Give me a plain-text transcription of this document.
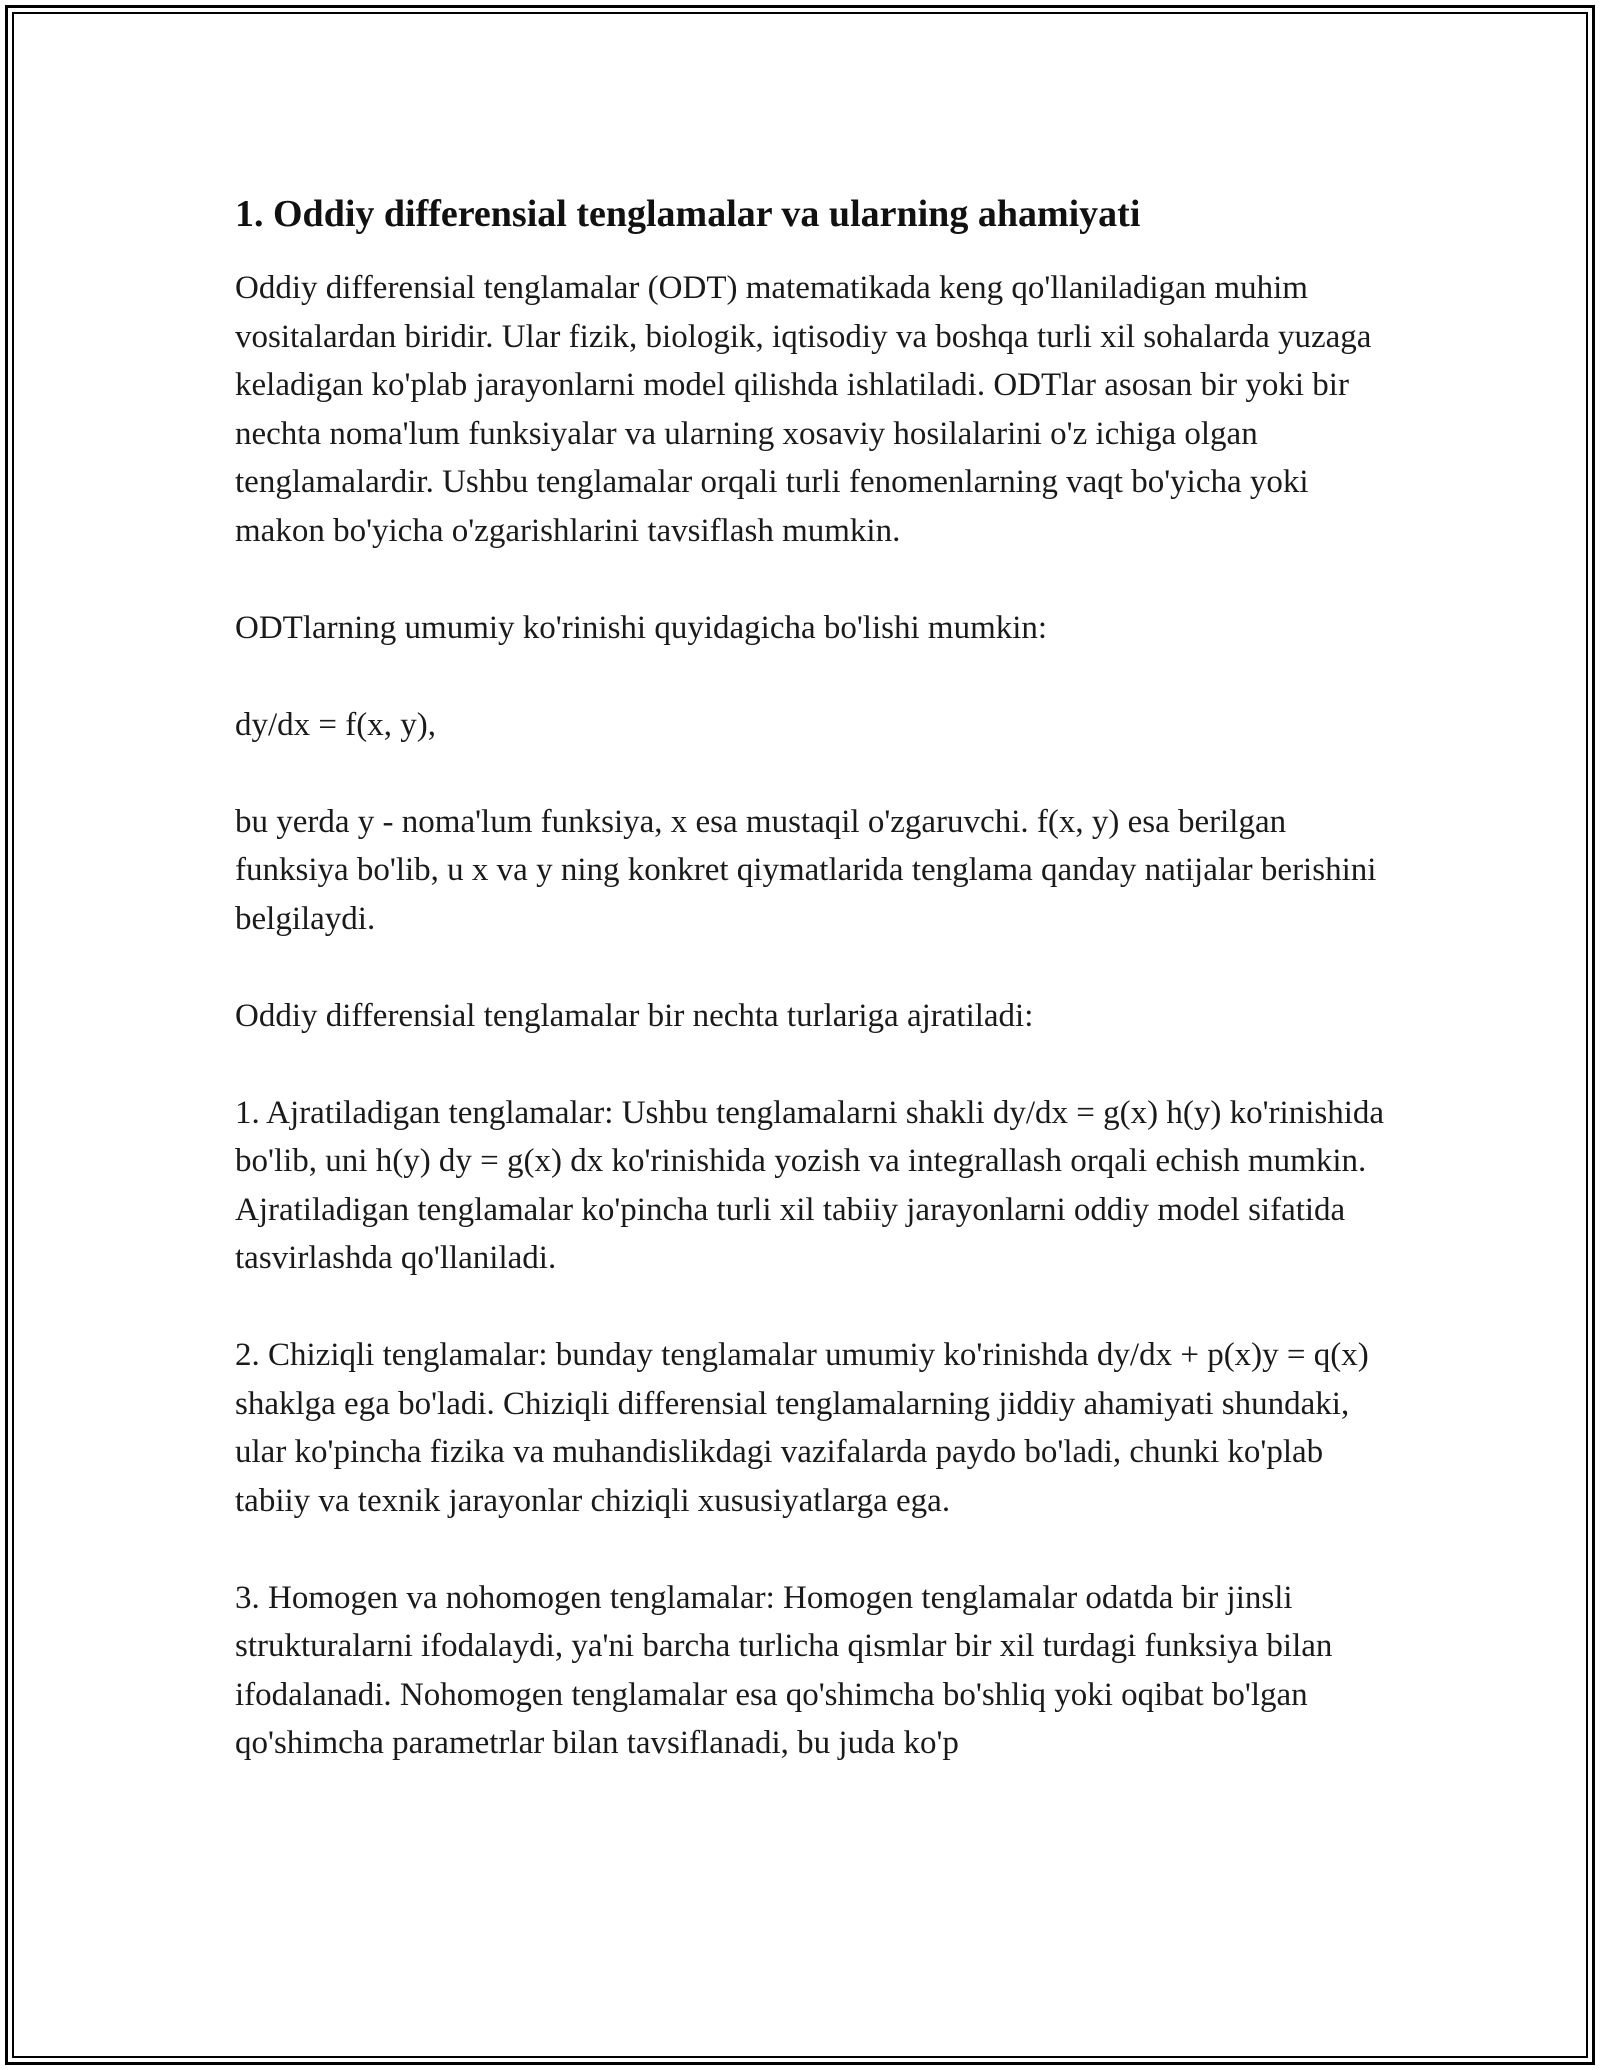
1. Oddiy differensial tenglamalar va ularning ahamiyati

Oddiy differensial tenglamalar (ODT) matematikada keng qo'llaniladigan muhim vositalardan biridir. Ular fizik, biologik, iqtisodiy va boshqa turli xil sohalarda yuzaga keladigan ko'plab jarayonlarni model qilishda ishlatiladi. ODTlar asosan bir yoki bir nechta noma'lum funksiyalar va ularning xosaviy hosilalarini o'z ichiga olgan tenglamalardir. Ushbu tenglamalar orqali turli fenomenlarning vaqt bo'yicha yoki makon bo'yicha o'zgarishlarini tavsiflash mumkin.

ODTlarning umumiy ko'rinishi quyidagicha bo'lishi mumkin:

dy/dx = f(x, y),

bu yerda y - noma'lum funksiya, x esa mustaqil o'zgaruvchi. f(x, y) esa berilgan funksiya bo'lib, u x va y ning konkret qiymatlarida tenglama qanday natijalar berishini belgilaydi.

Oddiy differensial tenglamalar bir nechta turlariga ajratiladi:

1. Ajratiladigan tenglamalar: Ushbu tenglamalarni shakli dy/dx = g(x) h(y) ko'rinishida bo'lib, uni h(y) dy = g(x) dx ko'rinishida yozish va integrallash orqali echish mumkin. Ajratiladigan tenglamalar ko'pincha turli xil tabiiy jarayonlarni oddiy model sifatida tasvirlashda qo'llaniladi.

2. Chiziqli tenglamalar: bunday tenglamalar umumiy ko'rinishda dy/dx + p(x)y = q(x) shaklga ega bo'ladi. Chiziqli differensial tenglamalarning jiddiy ahamiyati shundaki, ular ko'pincha fizika va muhandislikdagi vazifalarda paydo bo'ladi, chunki ko'plab tabiiy va texnik jarayonlar chiziqli xususiyatlarga ega.

3. Homogen va nohomogen tenglamalar: Homogen tenglamalar odatda bir jinsli strukturalarni ifodalaydi, ya'ni barcha turlicha qismlar bir xil turdagi funksiya bilan ifodalanadi. Nohomogen tenglamalar esa qo'shimcha bo'shliq yoki oqibat bo'lgan qo'shimcha parametrlar bilan tavsiflanadi, bu juda ko'p
